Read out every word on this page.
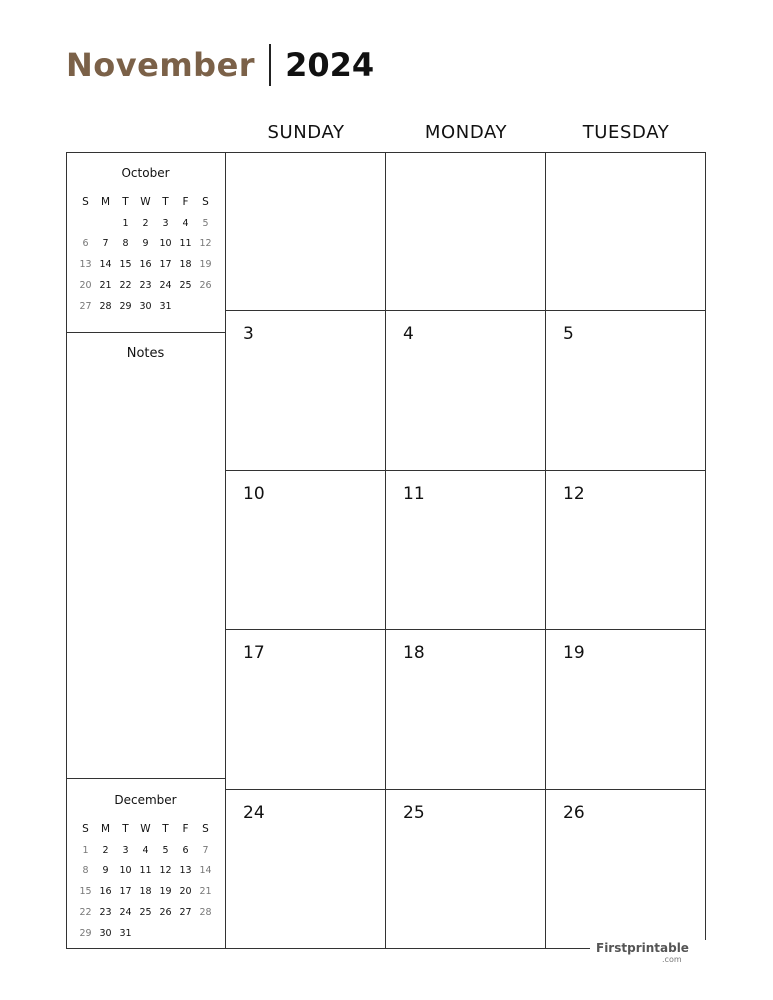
November 2024
SUNDAY	MONDAY	TUESDAY
October
S	M	T	W	T	F	S
		1	2	3	4	5
6	7	8	9	10	11	12
13	14	15	16	17	18	19
20	21	22	23	24	25	26
27	28	29	30	31		
Notes
December
S	M	T	W	T	F	S
1	2	3	4	5	6	7
8	9	10	11	12	13	14
15	16	17	18	19	20	21
22	23	24	25	26	27	28
29	30	31				
3	4	5
10	11	12
17	18	19
24	25	26
Firstprintable
.com
